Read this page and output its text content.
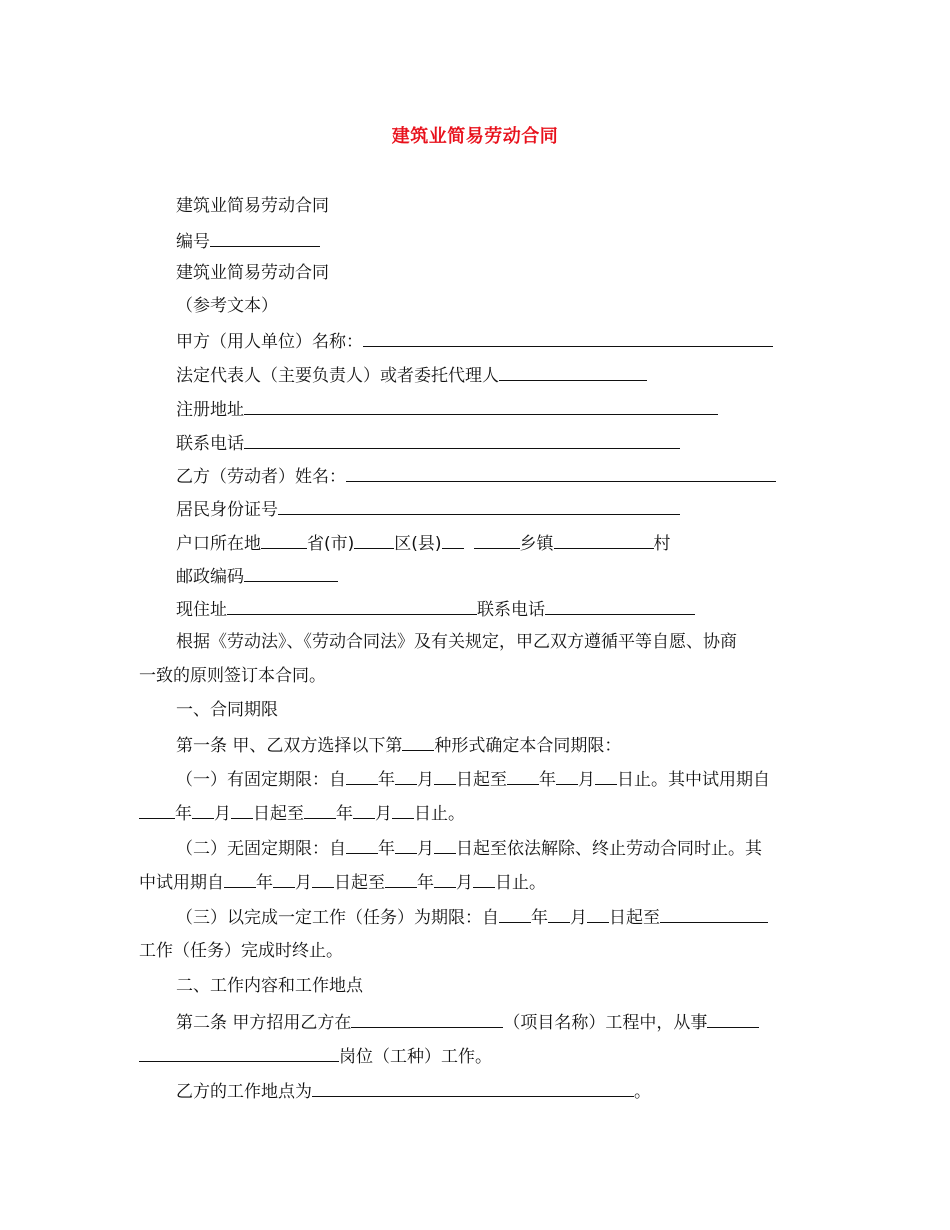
建筑业简易劳动合同
建筑业简易劳动合同
编号
建筑业简易劳动合同
（参考文本）
甲方（用人单位）名称：
法定代表人（主要负责人）或者委托代理人
注册地址
联系电话
乙方（劳动者）姓名：
居民身份证号
户口所在地	省(市) 区(县)	乡镇	村
邮政编码
现住址	联系电话
根据《劳动法》、《劳动合同法》及有关规定，甲乙双方遵循平等自愿、协商
一致的原则签订本合同。
一、合同期限
第一条 甲、乙双方选择以下第 种形式确定本合同期限：
（一）有固定期限：自 年 月 日起至 年 月 日止。其中试用期自
年 月 日起至 年 月 日止。
（二）无固定期限：自 年 月 日起至依法解除、终止劳动合同时止。其
中试用期自 年 月 日起至 年 月 日止。
（三）以完成一定工作（任务）为期限：自 年 月 日起至
工作（任务）完成时终止。
二、工作内容和工作地点
第二条 甲方招用乙方在	（项目名称）工程中，从事
岗位（工种）工作。
乙方的工作地点为	。
